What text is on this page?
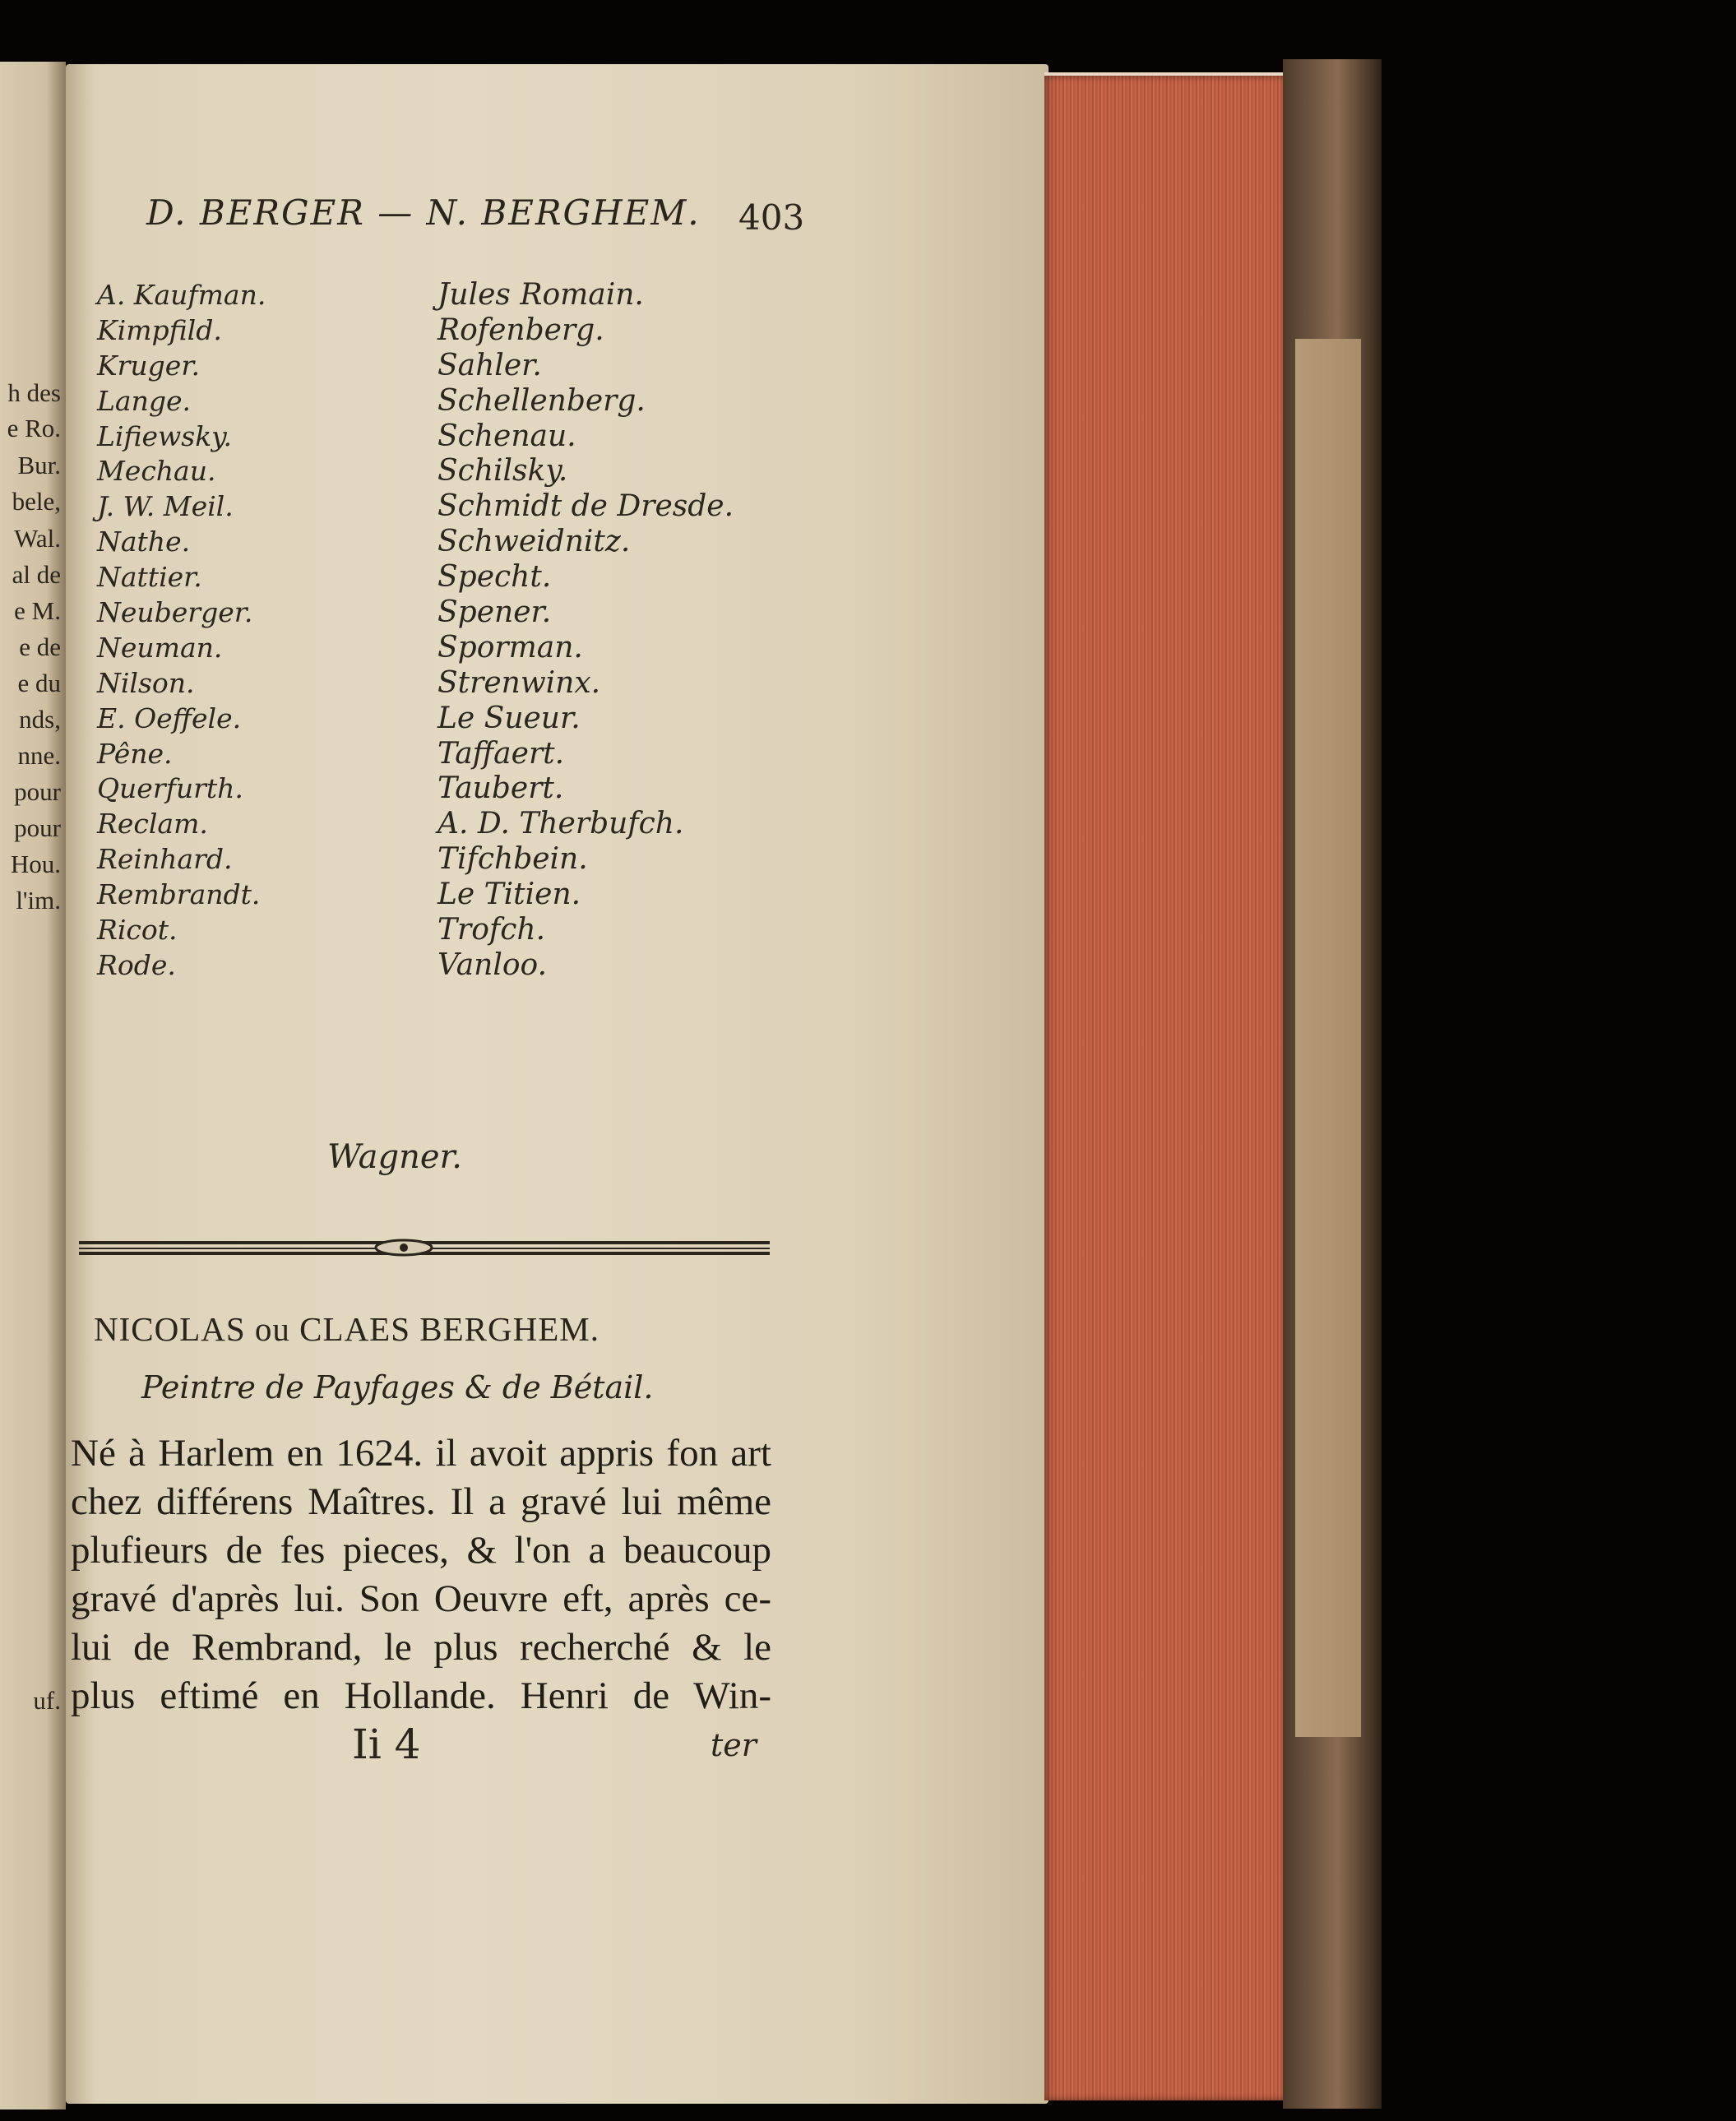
h des
e Ro.
Bur.
bele,
Wal.
al de
e M.
e de
e du
nds,
nne.
pour
pour
Hou.
l'im.
uf.
D. BERGER — N. BERGHEM. 403
A. Kaufman.
Kimpfild.
Kruger.
Lange.
Lifiewsky.
Mechau.
J. W. Meil.
Nathe.
Nattier.
Neuberger.
Neuman.
Nilson.
E. Oeffele.
Pêne.
Querfurth.
Reclam.
Reinhard.
Rembrandt.
Ricot.
Rode.
Jules Romain.
Rofenberg.
Sahler.
Schellenberg.
Schenau.
Schilsky.
Schmidt de Dresde.
Schweidnitz.
Specht.
Spener.
Sporman.
Strenwinx.
Le Sueur.
Taffaert.
Taubert.
A. D. Therbufch.
Tifchbein.
Le Titien.
Trofch.
Vanloo.
Wagner.
NICOLAS ou CLAES BERGHEM.
Peintre de Payfages & de Bétail.
Né à Harlem en 1624. il avoit appris fon art
chez différens Maîtres. Il a gravé lui même
plufieurs de fes pieces, & l'on a beaucoup
gravé d'après lui. Son Oeuvre eft, après ce-
lui de Rembrand, le plus recherché & le
plus eftimé en Hollande. Henri de Win-
Ii 4	ter
